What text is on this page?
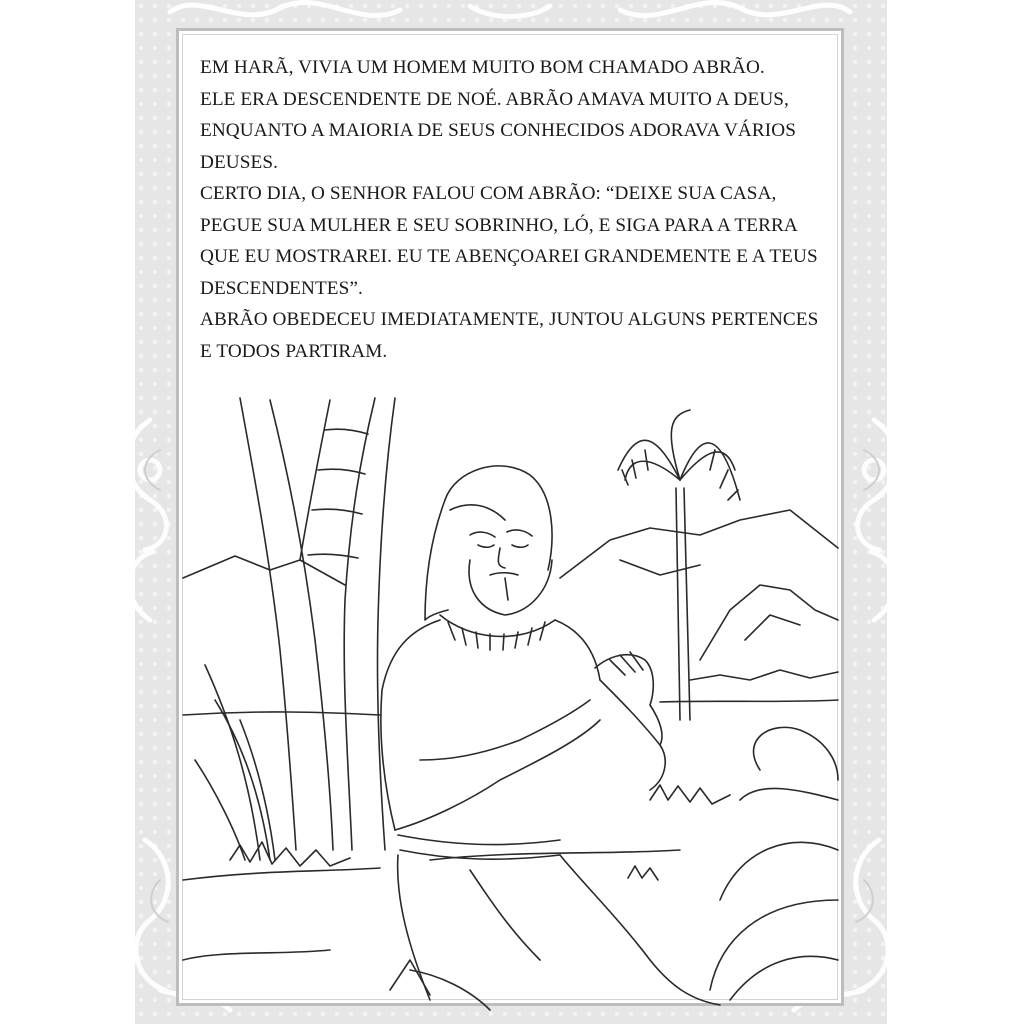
EM HARÃ, VIVIA UM HOMEM MUITO BOM CHAMADO ABRÃO.
ELE ERA DESCENDENTE DE NOÉ. ABRÃO AMAVA MUITO A DEUS,
ENQUANTO A MAIORIA DE SEUS CONHECIDOS ADORAVA VÁRIOS
DEUSES.
CERTO DIA, O SENHOR FALOU COM ABRÃO: “DEIXE SUA CASA,
PEGUE SUA MULHER E SEU SOBRINHO, LÓ, E SIGA PARA A TERRA
QUE EU MOSTRAREI. EU TE ABENÇOAREI GRANDEMENTE E A TEUS
DESCENDENTES”.
ABRÃO OBEDECEU IMEDIATAMENTE, JUNTOU ALGUNS PERTENCES
E TODOS PARTIRAM.
